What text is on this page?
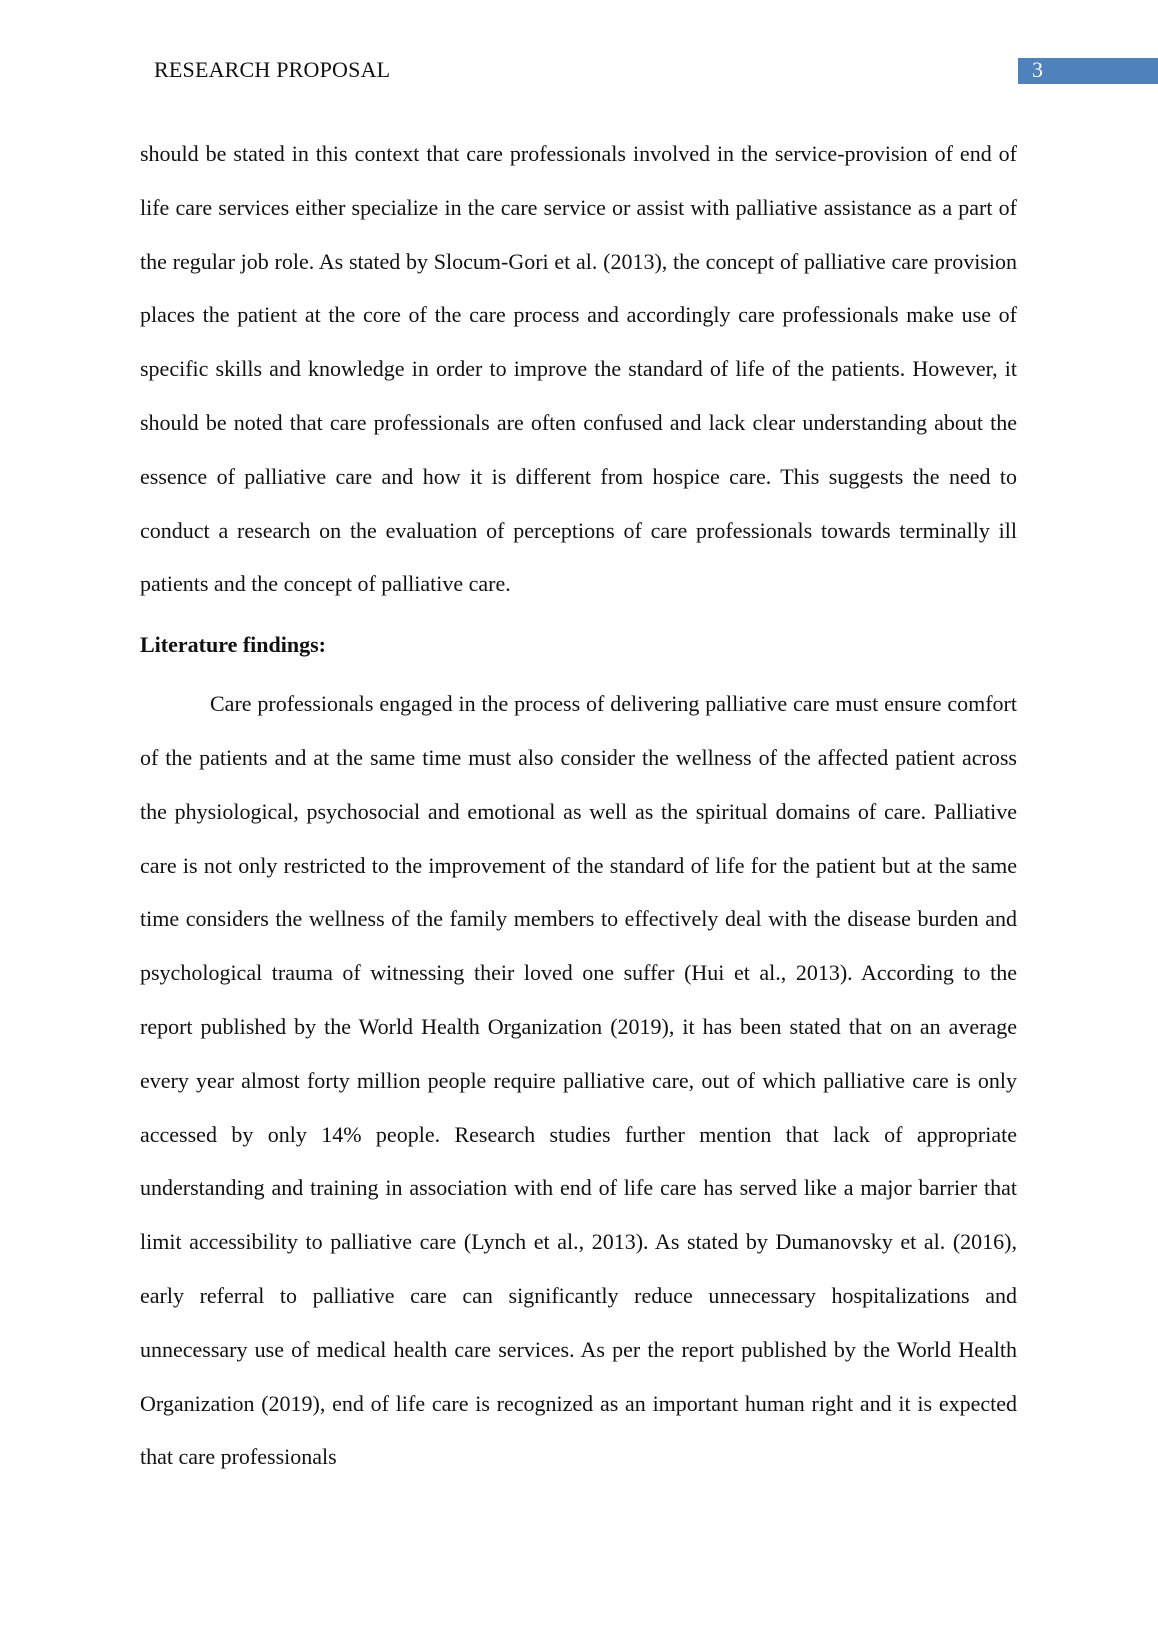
RESEARCH PROPOSAL	3

should be stated in this context that care professionals involved in the service-provision of end of life care services either specialize in the care service or assist with palliative assistance as a part of the regular job role. As stated by Slocum-Gori et al. (2013), the concept of palliative care provision places the patient at the core of the care process and accordingly care professionals make use of specific skills and knowledge in order to improve the standard of life of the patients. However, it should be noted that care professionals are often confused and lack clear understanding about the essence of palliative care and how it is different from hospice care. This suggests the need to conduct a research on the evaluation of perceptions of care professionals towards terminally ill patients and the concept of palliative care.

Literature findings:

Care professionals engaged in the process of delivering palliative care must ensure comfort of the patients and at the same time must also consider the wellness of the affected patient across the physiological, psychosocial and emotional as well as the spiritual domains of care. Palliative care is not only restricted to the improvement of the standard of life for the patient but at the same time considers the wellness of the family members to effectively deal with the disease burden and psychological trauma of witnessing their loved one suffer (Hui et al., 2013). According to the report published by the World Health Organization (2019), it has been stated that on an average every year almost forty million people require palliative care, out of which palliative care is only accessed by only 14% people. Research studies further mention that lack of appropriate understanding and training in association with end of life care has served like a major barrier that limit accessibility to palliative care (Lynch et al., 2013). As stated by Dumanovsky et al. (2016), early referral to palliative care can significantly reduce unnecessary hospitalizations and unnecessary use of medical health care services. As per the report published by the World Health Organization (2019), end of life care is recognized as an important human right and it is expected that care professionals
